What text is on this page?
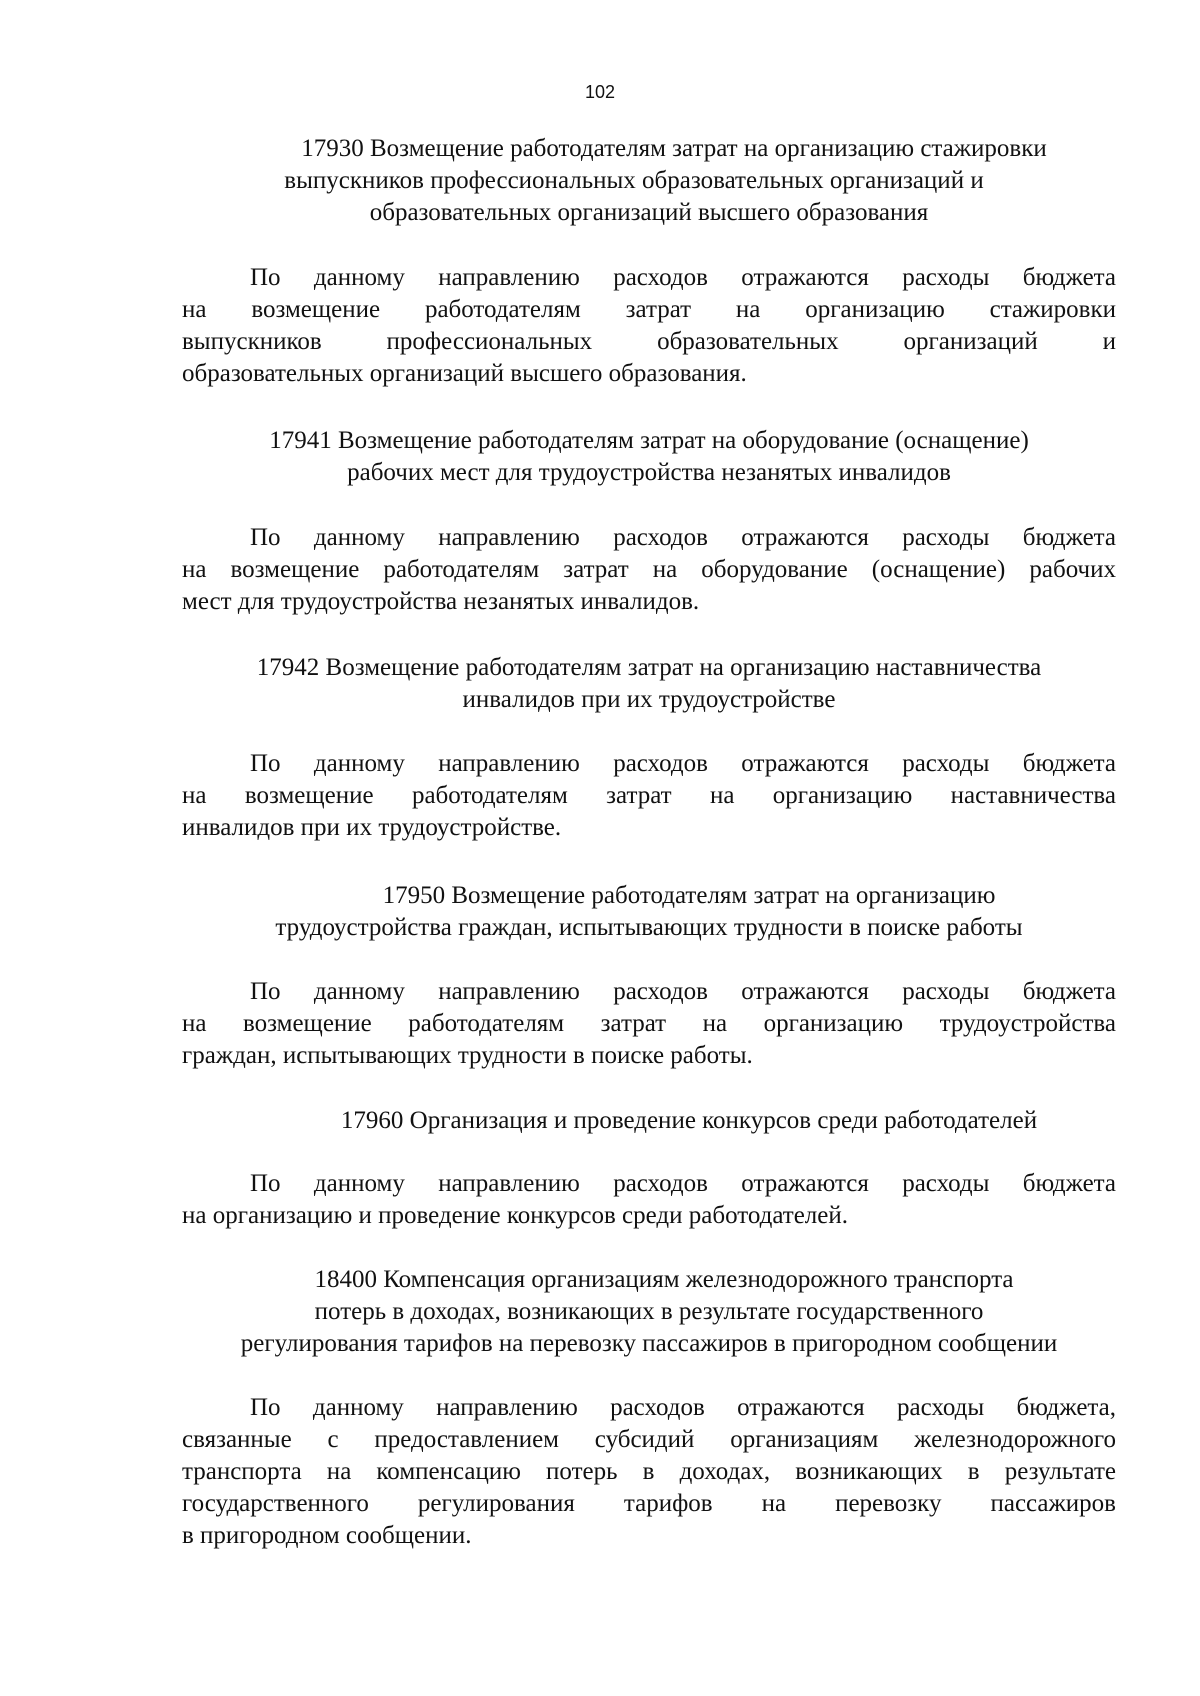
102
17930 Возмещение работодателям затрат на организацию стажировки
выпускников профессиональных образовательных организаций и
образовательных организаций высшего образования
По данному направлению расходов отражаются расходы бюджета
на возмещение работодателям затрат на организацию стажировки
выпускников профессиональных образовательных организаций и
образовательных организаций высшего образования.
17941 Возмещение работодателям затрат на оборудование (оснащение)
рабочих мест для трудоустройства незанятых инвалидов
По данному направлению расходов отражаются расходы бюджета
на возмещение работодателям затрат на оборудование (оснащение) рабочих
мест для трудоустройства незанятых инвалидов.
17942 Возмещение работодателям затрат на организацию наставничества
инвалидов при их трудоустройстве
По данному направлению расходов отражаются расходы бюджета
на возмещение работодателям затрат на организацию наставничества
инвалидов при их трудоустройстве.
17950 Возмещение работодателям затрат на организацию
трудоустройства граждан, испытывающих трудности в поиске работы
По данному направлению расходов отражаются расходы бюджета
на возмещение работодателям затрат на организацию трудоустройства
граждан, испытывающих трудности в поиске работы.
17960 Организация и проведение конкурсов среди работодателей
По данному направлению расходов отражаются расходы бюджета
на организацию и проведение конкурсов среди работодателей.
18400 Компенсация организациям железнодорожного транспорта
потерь в доходах, возникающих в результате государственного
регулирования тарифов на перевозку пассажиров в пригородном сообщении
По данному направлению расходов отражаются расходы бюджета,
связанные с предоставлением субсидий организациям железнодорожного
транспорта на компенсацию потерь в доходах, возникающих в результате
государственного регулирования тарифов на перевозку пассажиров
в пригородном сообщении.
